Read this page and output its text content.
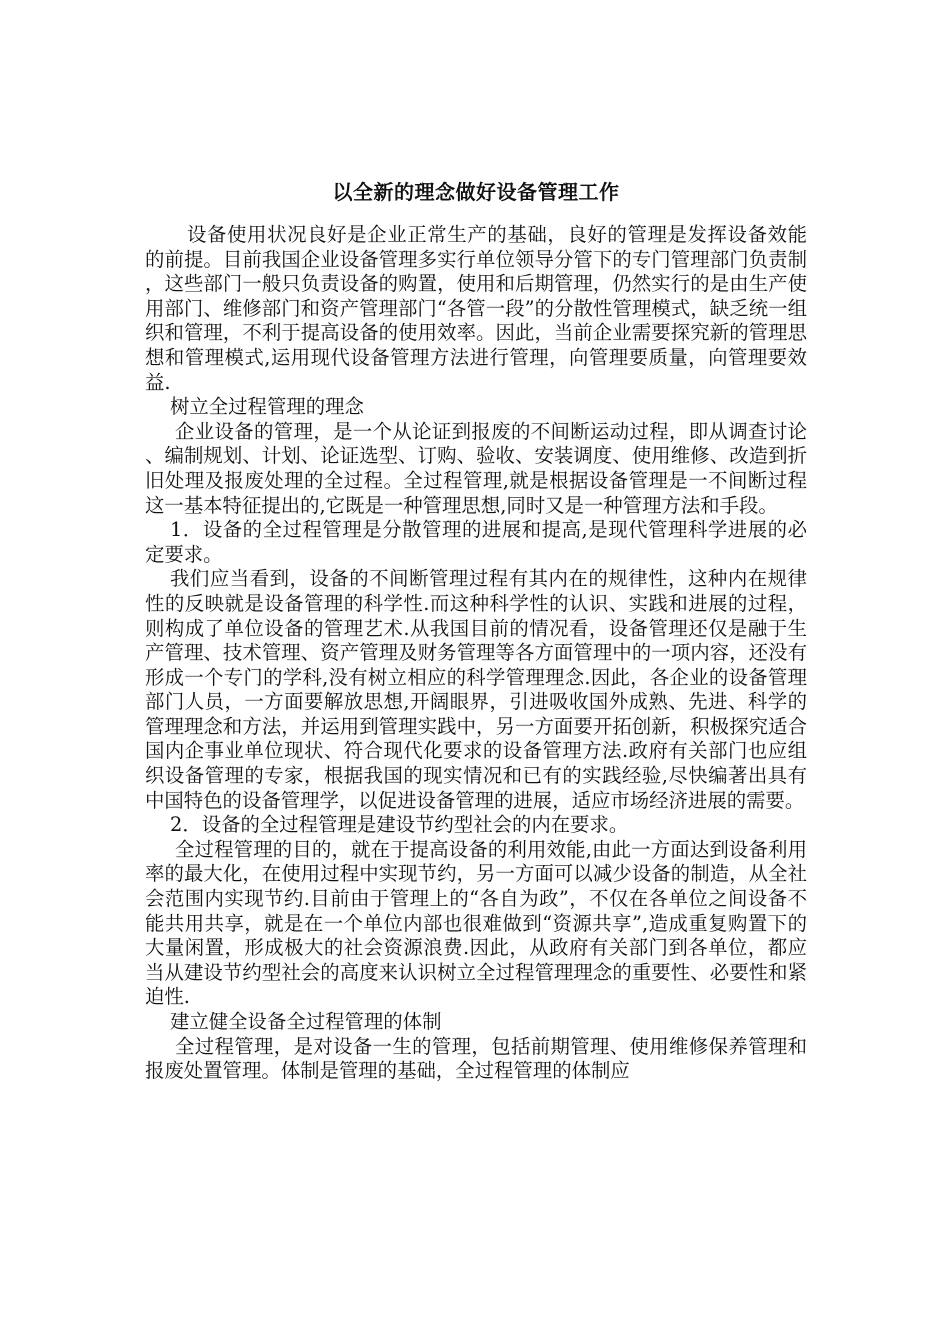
以全新的理念做好设备管理工作

设备使用状况良好是企业正常生产的基础，良好的管理是发挥设备效能的前提。目前我国企业设备管理多实行单位领导分管下的专门管理部门负责制，这些部门一般只负责设备的购置，使用和后期管理，仍然实行的是由生产使用部门、维修部门和资产管理部门“各管一段”的分散性管理模式，缺乏统一组织和管理，不利于提高设备的使用效率。因此，当前企业需要探究新的管理思想和管理模式,运用现代设备管理方法进行管理，向管理要质量，向管理要效益.

树立全过程管理的理念

企业设备的管理，是一个从论证到报废的不间断运动过程，即从调查讨论、编制规划、计划、论证选型、订购、验收、安装调度、使用维修、改造到折旧处理及报废处理的全过程。全过程管理,就是根据设备管理是一不间断过程这一基本特征提出的,它既是一种管理思想,同时又是一种管理方法和手段。

1．设备的全过程管理是分散管理的进展和提高,是现代管理科学进展的必定要求。

我们应当看到，设备的不间断管理过程有其内在的规律性，这种内在规律性的反映就是设备管理的科学性.而这种科学性的认识、实践和进展的过程，则构成了单位设备的管理艺术.从我国目前的情况看，设备管理还仅是融于生产管理、技术管理、资产管理及财务管理等各方面管理中的一项内容，还没有形成一个专门的学科,没有树立相应的科学管理理念.因此，各企业的设备管理部门人员，一方面要解放思想,开阔眼界，引进吸收国外成熟、先进、科学的管理理念和方法，并运用到管理实践中，另一方面要开拓创新，积极探究适合国内企事业单位现状、符合现代化要求的设备管理方法.政府有关部门也应组织设备管理的专家，根据我国的现实情况和已有的实践经验,尽快编著出具有中国特色的设备管理学，以促进设备管理的进展，适应市场经济进展的需要。

2．设备的全过程管理是建设节约型社会的内在要求。

全过程管理的目的，就在于提高设备的利用效能,由此一方面达到设备利用率的最大化，在使用过程中实现节约，另一方面可以减少设备的制造，从全社会范围内实现节约.目前由于管理上的“各自为政”，不仅在各单位之间设备不能共用共享，就是在一个单位内部也很难做到“资源共享”,造成重复购置下的大量闲置，形成极大的社会资源浪费.因此，从政府有关部门到各单位，都应当从建设节约型社会的高度来认识树立全过程管理理念的重要性、必要性和紧迫性.

建立健全设备全过程管理的体制

全过程管理，是对设备一生的管理，包括前期管理、使用维修保养管理和报废处置管理。体制是管理的基础，全过程管理的体制应
